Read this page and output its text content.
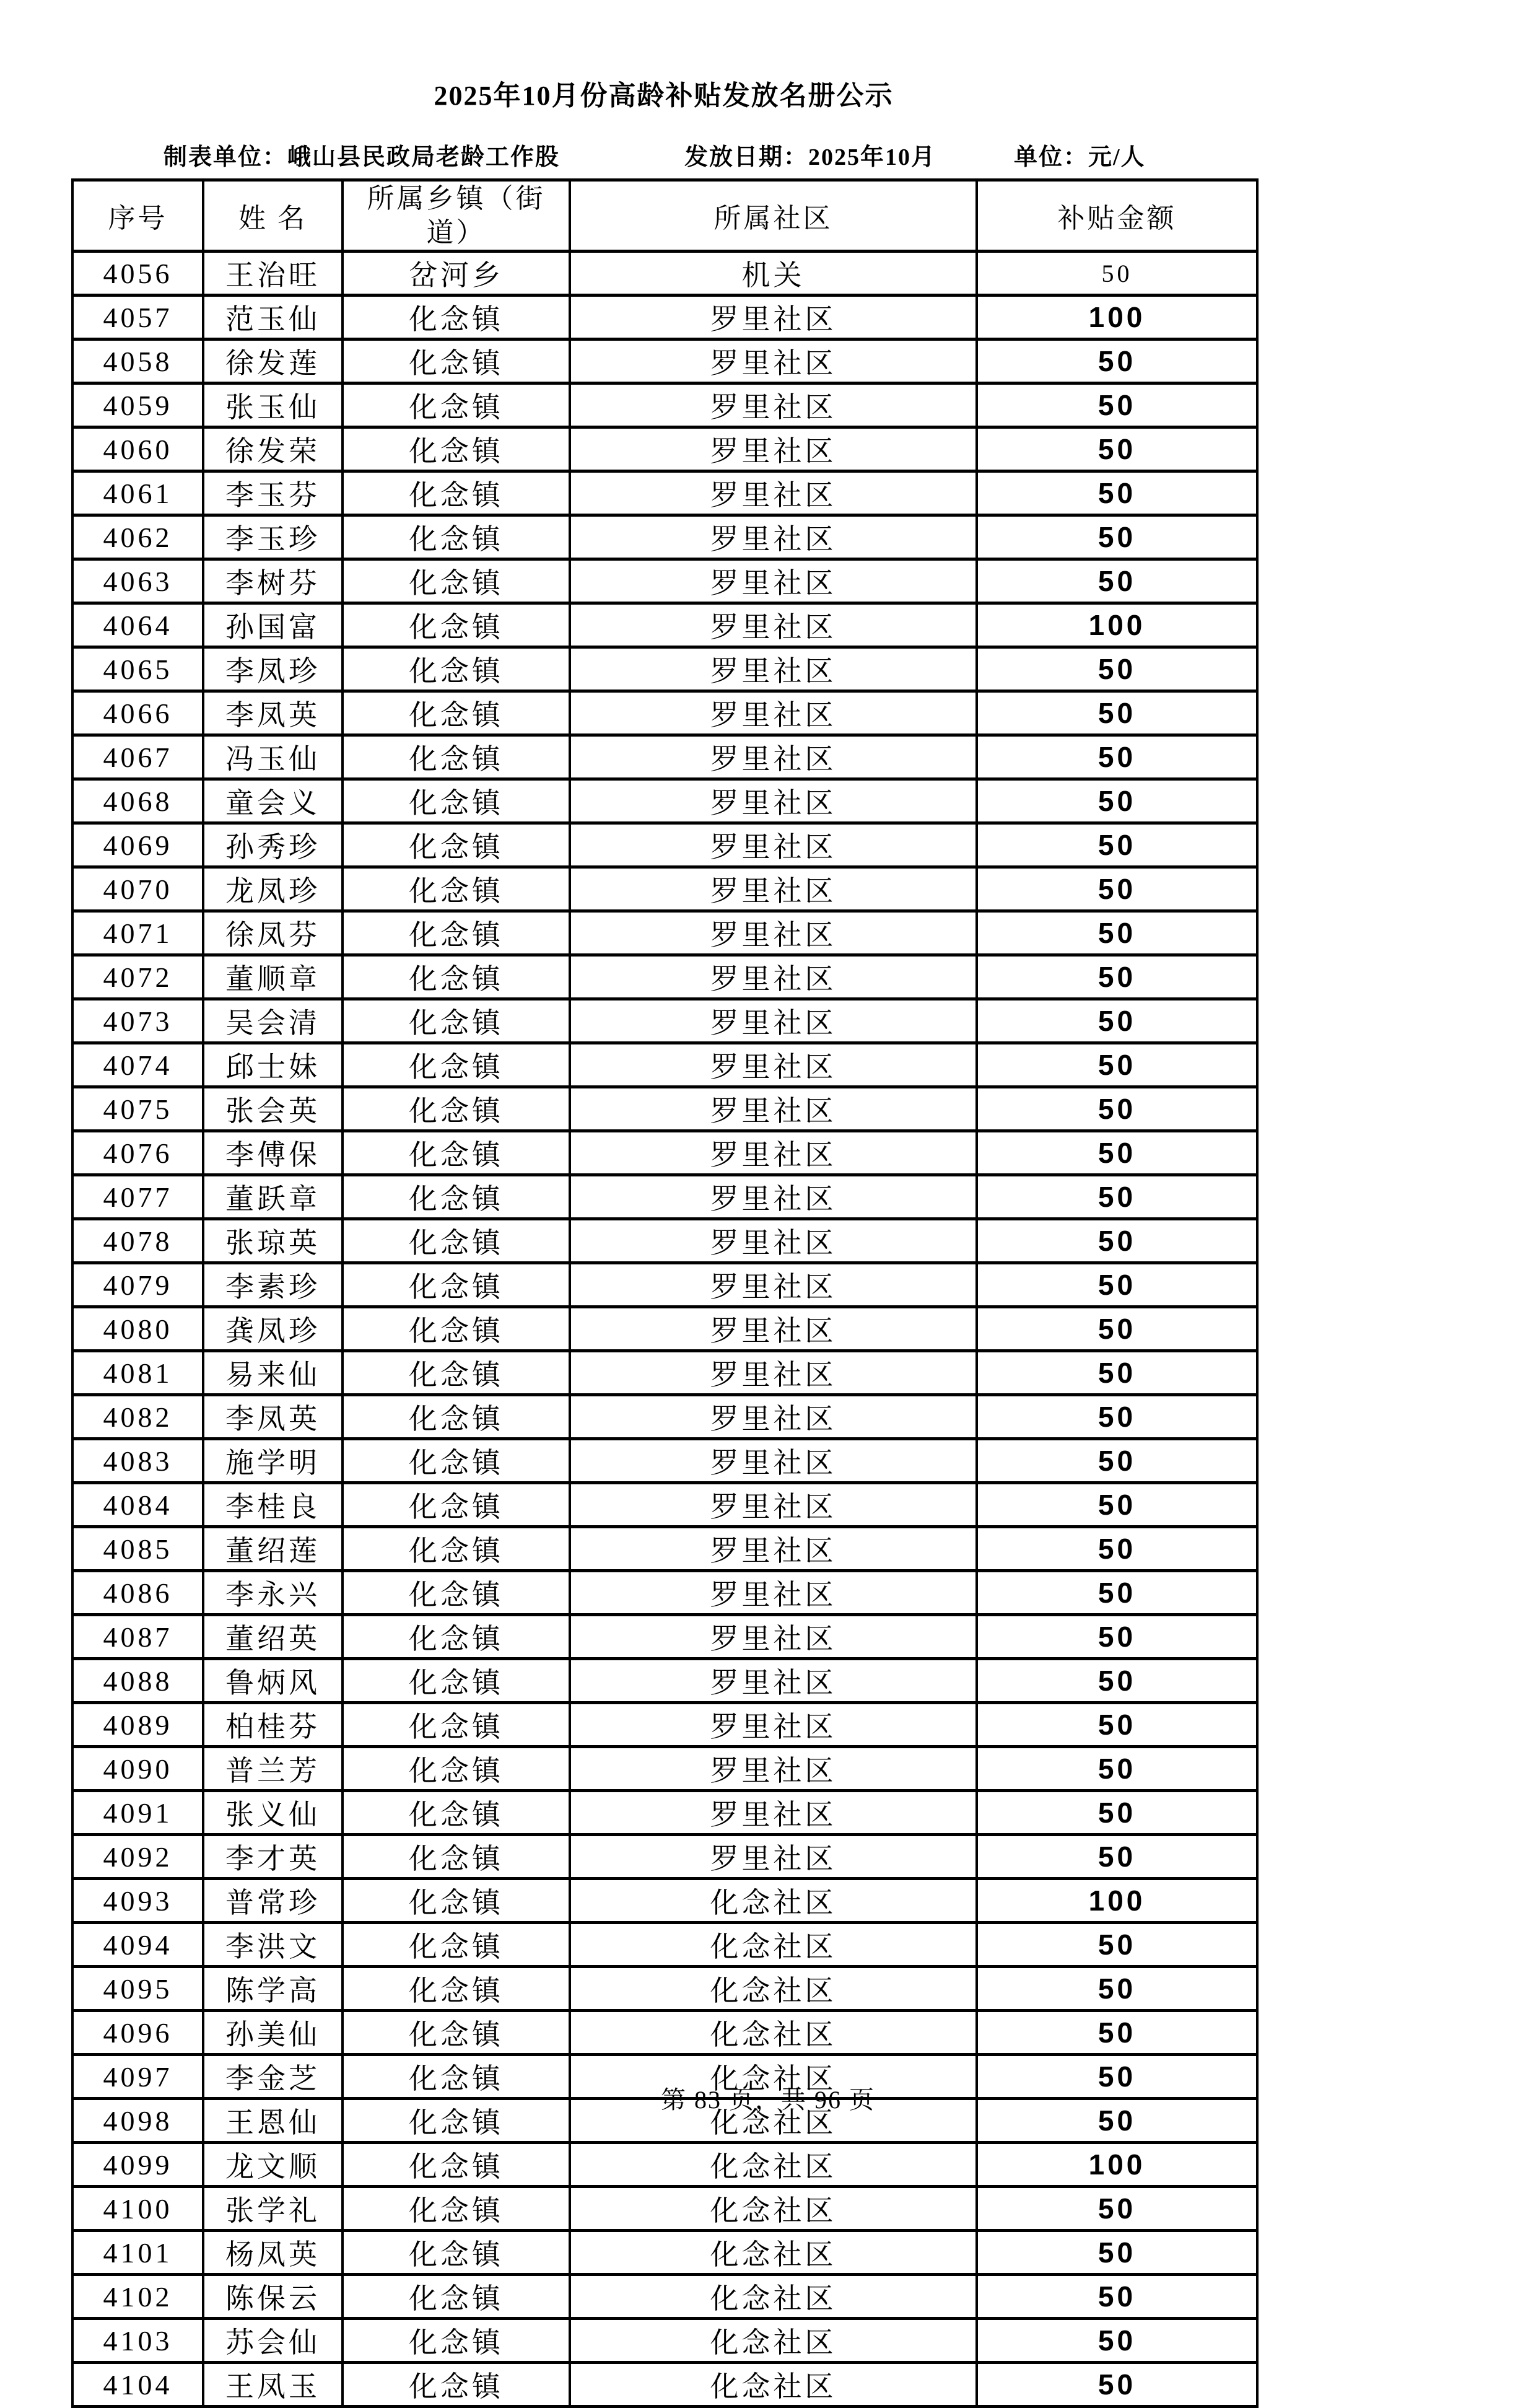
2025年10月份高龄补贴发放名册公示
制表单位：峨山县民政局老龄工作股	发放日期：2025年10月	单位：元/人
序号	姓 名	所属乡镇（街道）	所属社区	补贴金额
4056	王治旺	岔河乡	机关	50
4057	范玉仙	化念镇	罗里社区	100
4058	徐发莲	化念镇	罗里社区	50
4059	张玉仙	化念镇	罗里社区	50
4060	徐发荣	化念镇	罗里社区	50
4061	李玉芬	化念镇	罗里社区	50
4062	李玉珍	化念镇	罗里社区	50
4063	李树芬	化念镇	罗里社区	50
4064	孙国富	化念镇	罗里社区	100
4065	李凤珍	化念镇	罗里社区	50
4066	李凤英	化念镇	罗里社区	50
4067	冯玉仙	化念镇	罗里社区	50
4068	童会义	化念镇	罗里社区	50
4069	孙秀珍	化念镇	罗里社区	50
4070	龙凤珍	化念镇	罗里社区	50
4071	徐凤芬	化念镇	罗里社区	50
4072	董顺章	化念镇	罗里社区	50
4073	吴会清	化念镇	罗里社区	50
4074	邱士妹	化念镇	罗里社区	50
4075	张会英	化念镇	罗里社区	50
4076	李傅保	化念镇	罗里社区	50
4077	董跃章	化念镇	罗里社区	50
4078	张琼英	化念镇	罗里社区	50
4079	李素珍	化念镇	罗里社区	50
4080	龚凤珍	化念镇	罗里社区	50
4081	易来仙	化念镇	罗里社区	50
4082	李凤英	化念镇	罗里社区	50
4083	施学明	化念镇	罗里社区	50
4084	李桂良	化念镇	罗里社区	50
4085	董绍莲	化念镇	罗里社区	50
4086	李永兴	化念镇	罗里社区	50
4087	董绍英	化念镇	罗里社区	50
4088	鲁炳风	化念镇	罗里社区	50
4089	柏桂芬	化念镇	罗里社区	50
4090	普兰芳	化念镇	罗里社区	50
4091	张义仙	化念镇	罗里社区	50
4092	李才英	化念镇	罗里社区	50
4093	普常珍	化念镇	化念社区	100
4094	李洪文	化念镇	化念社区	50
4095	陈学高	化念镇	化念社区	50
4096	孙美仙	化念镇	化念社区	50
4097	李金芝	化念镇	化念社区	50
4098	王恩仙	化念镇	化念社区	50
4099	龙文顺	化念镇	化念社区	100
4100	张学礼	化念镇	化念社区	50
4101	杨凤英	化念镇	化念社区	50
4102	陈保云	化念镇	化念社区	50
4103	苏会仙	化念镇	化念社区	50
4104	王凤玉	化念镇	化念社区	50
第 83 页，共 96 页
